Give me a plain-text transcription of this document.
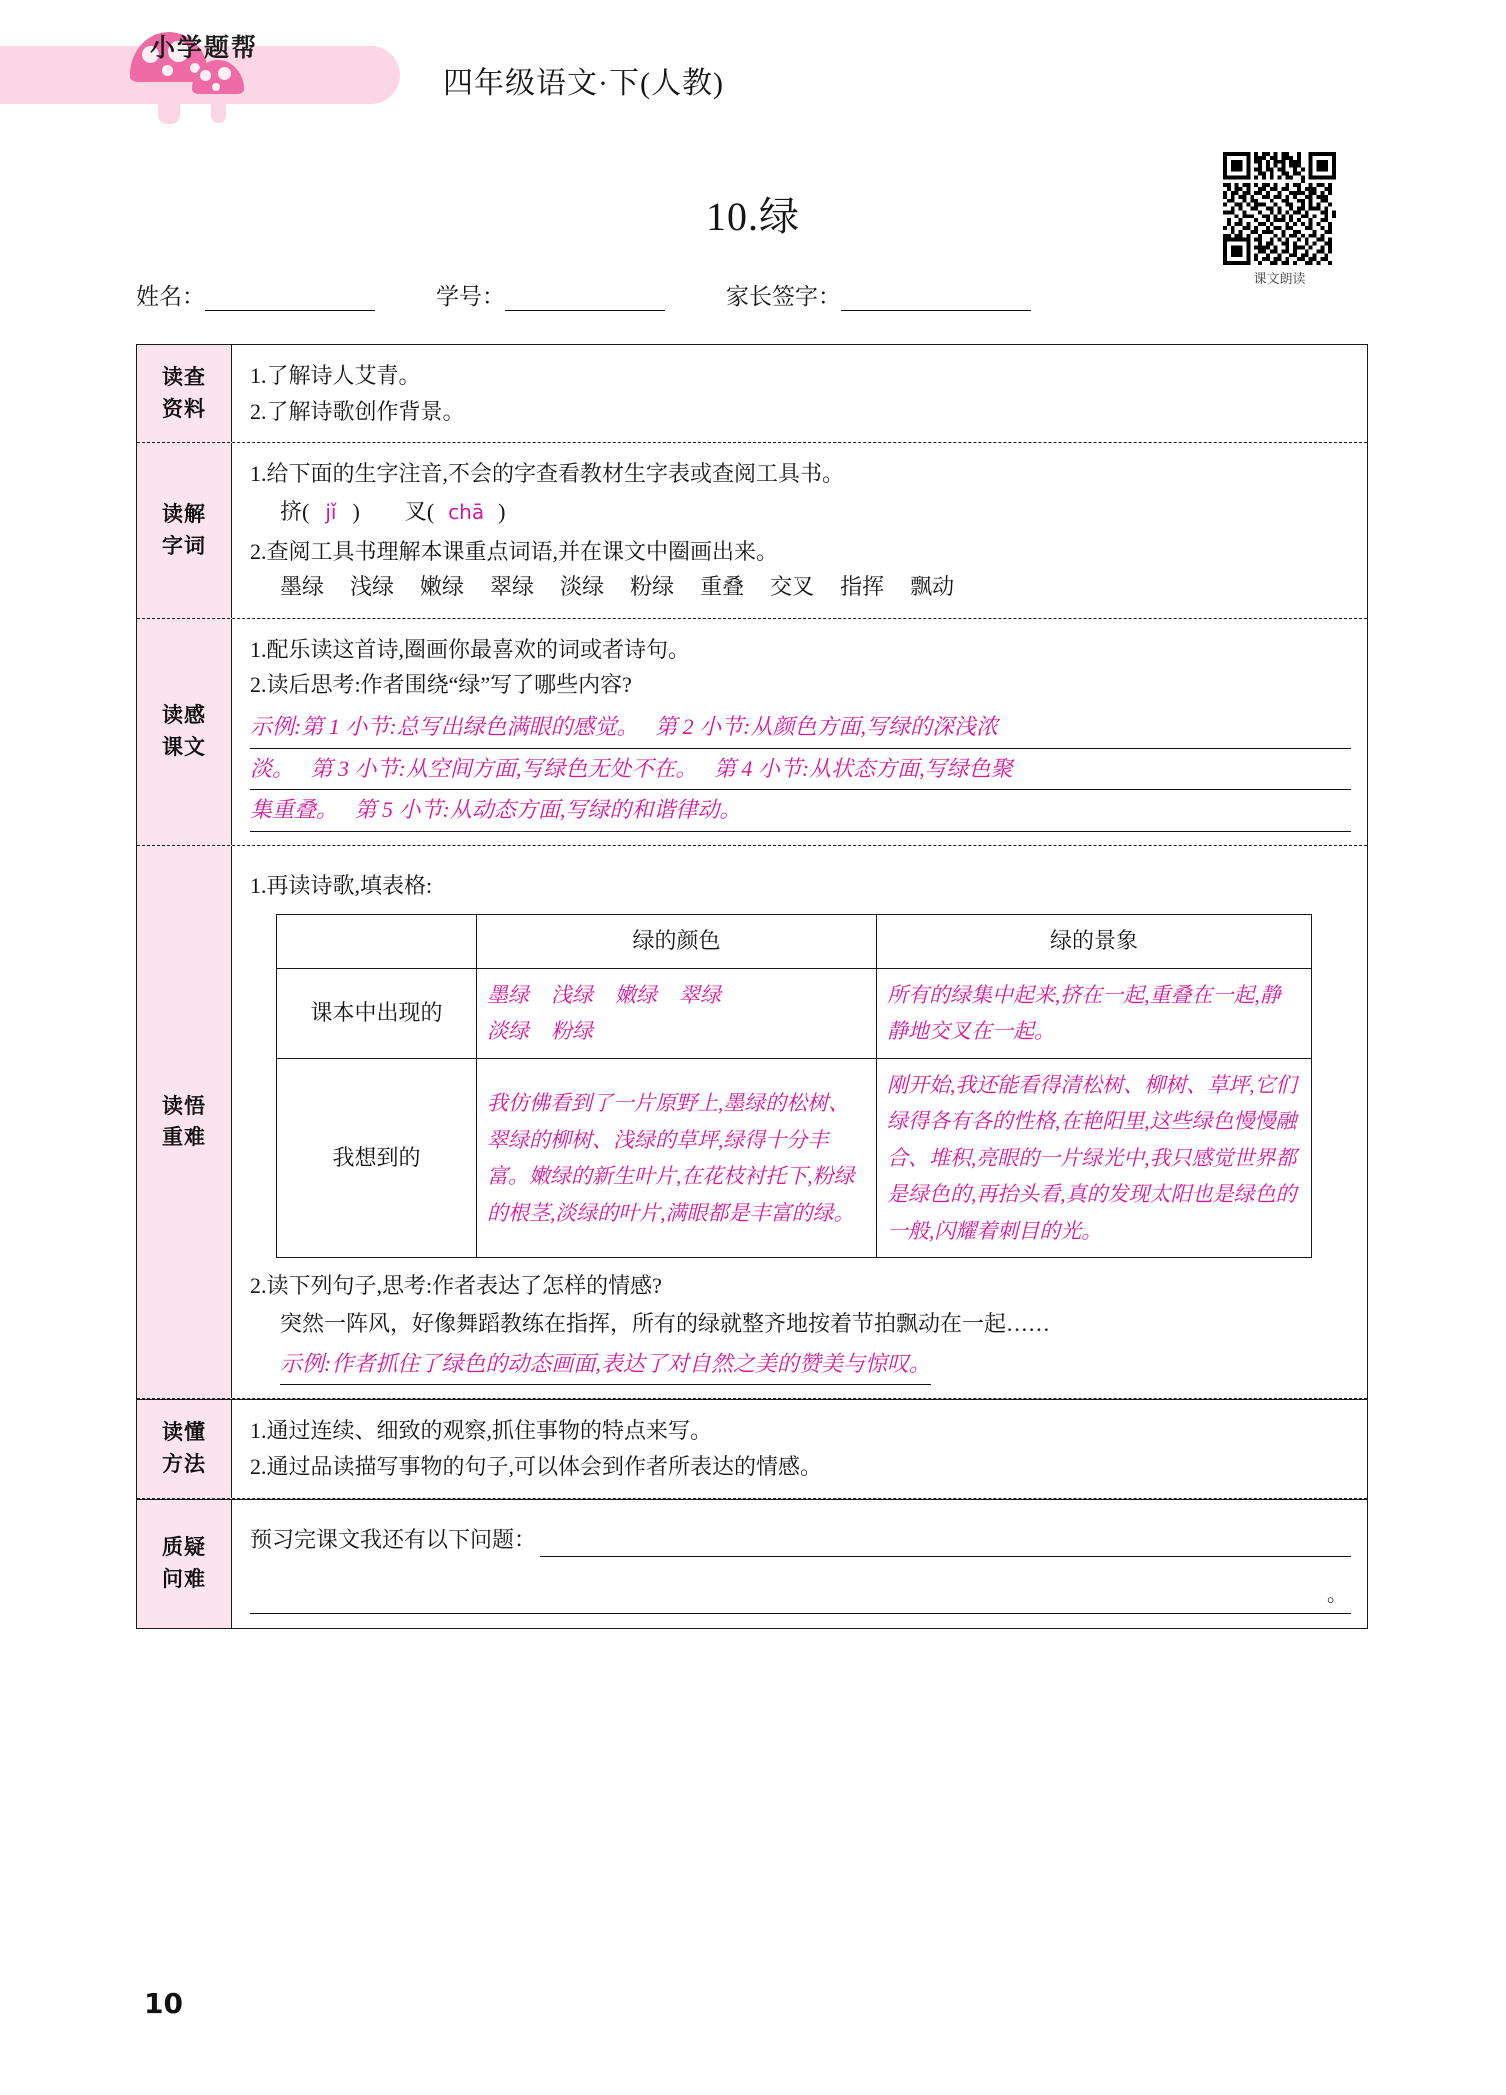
小学题帮
四年级语文·下(人教)
课文朗读
10.绿
姓名：	学号：	家长签字：
读查
资料
1.了解诗人艾青。
2.了解诗歌创作背景。
读解
字词
1.给下面的生字注音,不会的字查看教材生字表或查阅工具书。
挤( jǐ ) 叉( chā )
2.查阅工具书理解本课重点词语,并在课文中圈画出来。
墨绿 浅绿 嫩绿 翠绿 淡绿 粉绿 重叠 交叉 指挥 飘动
读感
课文
1.配乐读这首诗,圈画你最喜欢的词或者诗句。
2.读后思考:作者围绕“绿”写了哪些内容?
示例:第 1 小节:总写出绿色满眼的感觉。　 第 2 小节:从颜色方面,写绿的深浅浓
淡。　 第 3 小节:从空间方面,写绿色无处不在。　 第 4 小节:从状态方面,写绿色聚
集重叠。　 第 5 小节:从动态方面,写绿的和谐律动。
读悟
重难
1.再读诗歌,填表格:
	绿的颜色	绿的景象
课本中出现的	墨绿 浅绿 嫩绿 翠绿
淡绿 粉绿	所有的绿集中起来,挤在一起,重叠在一起,静静地交叉在一起。
我想到的	我仿佛看到了一片原野上,墨绿的松树、翠绿的柳树、浅绿的草坪,绿得十分丰富。嫩绿的新生叶片,在花枝衬托下,粉绿的根茎,淡绿的叶片,满眼都是丰富的绿。	刚开始,我还能看得清松树、柳树、草坪,它们绿得各有各的性格,在艳阳里,这些绿色慢慢融合、堆积,亮眼的一片绿光中,我只感觉世界都是绿色的,再抬头看,真的发现太阳也是绿色的一般,闪耀着刺目的光。
2.读下列句子,思考:作者表达了怎样的情感?
突然一阵风，好像舞蹈教练在指挥，所有的绿就整齐地按着节拍飘动在一起……
示例:作者抓住了绿色的动态画面,表达了对自然之美的赞美与惊叹。
读懂
方法
1.通过连续、细致的观察,抓住事物的特点来写。
2.通过品读描写事物的句子,可以体会到作者所表达的情感。
质疑
问难
预习完课文我还有以下问题：
。
10
